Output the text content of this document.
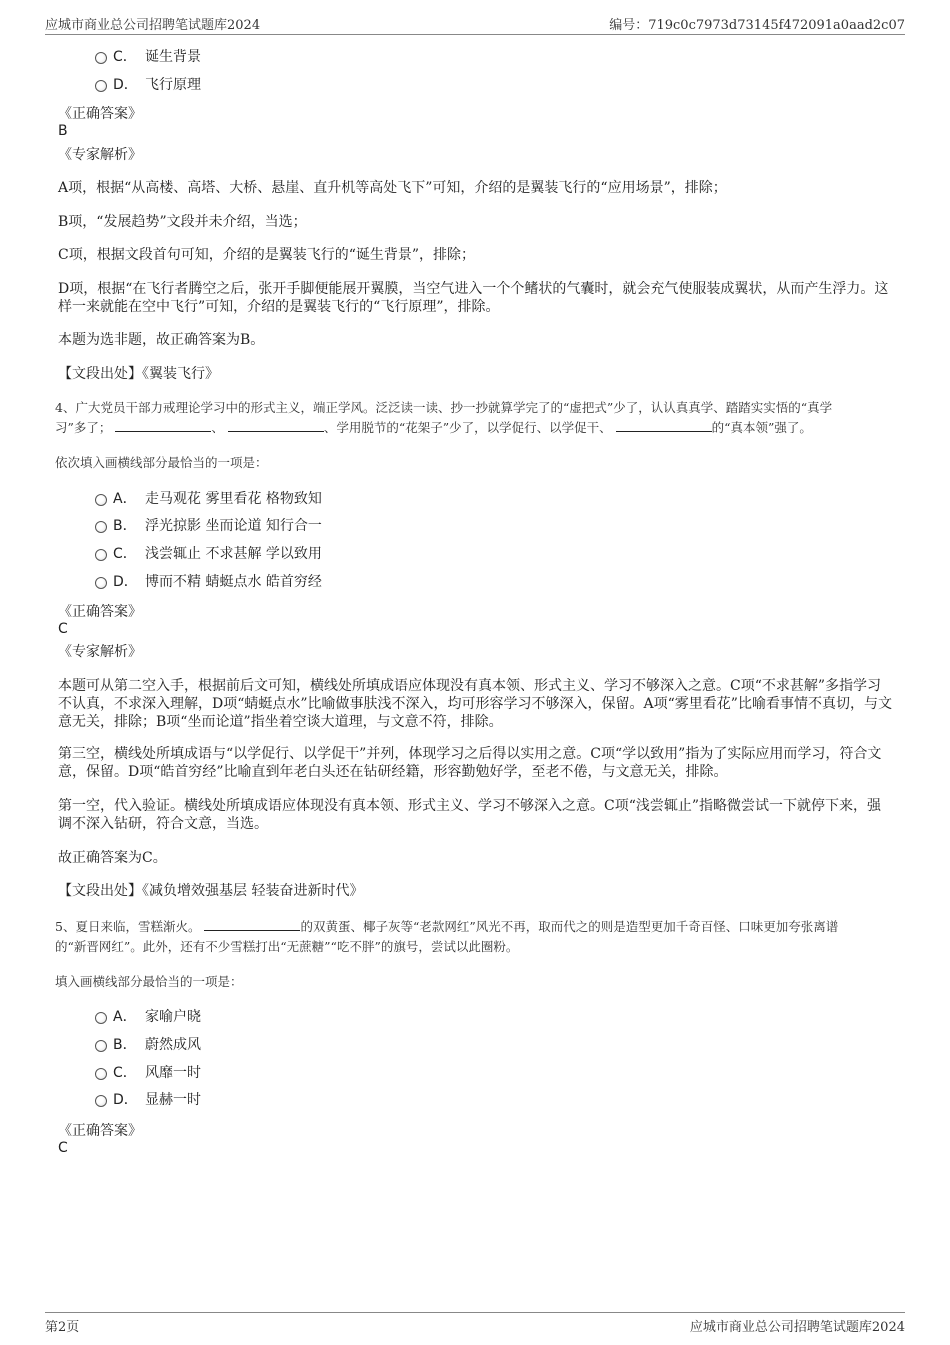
应城市商业总公司招聘笔试题库2024	编号：719c0c7973d73145f472091a0aad2c07
C． 诞生背景
D． 飞行原理
《正确答案》
B
《专家解析》
A项，根据“从高楼、高塔、大桥、悬崖、直升机等高处飞下”可知，介绍的是翼装飞行的“应用场景”，排除；
B项，“发展趋势”文段并未介绍，当选；
C项，根据文段首句可知，介绍的是翼装飞行的“诞生背景”，排除；
D项，根据“在飞行者腾空之后，张开手脚便能展开翼膜，当空气进入一个个鳍状的气囊时，就会充气使服装成翼状，从而产生浮力。这样一来就能在空中飞行”可知，介绍的是翼装飞行的“飞行原理”，排除。
本题为选非题，故正确答案为B。
【文段出处】《翼装飞行》
4、广大党员干部力戒理论学习中的形式主义，端正学风。泛泛读一读、抄一抄就算学完了的“虚把式”少了，认认真真学、踏踏实实悟的“真学
习”多了；	、	、学用脱节的“花架子”少了，以学促行、以学促干、	的“真本领”强了。
依次填入画横线部分最恰当的一项是：
A． 走马观花 雾里看花 格物致知
B． 浮光掠影 坐而论道 知行合一
C． 浅尝辄止 不求甚解 学以致用
D． 博而不精 蜻蜓点水 皓首穷经
《正确答案》
C
《专家解析》
本题可从第二空入手，根据前后文可知，横线处所填成语应体现没有真本领、形式主义、学习不够深入之意。C项“不求甚解”多指学习不认真，不求深入理解，D项“蜻蜓点水”比喻做事肤浅不深入，均可形容学习不够深入，保留。A项“雾里看花”比喻看事情不真切，与文意无关，排除；B项“坐而论道”指坐着空谈大道理，与文意不符，排除。
第三空，横线处所填成语与“以学促行、以学促干”并列，体现学习之后得以实用之意。C项“学以致用”指为了实际应用而学习，符合文意，保留。D项“皓首穷经”比喻直到年老白头还在钻研经籍，形容勤勉好学，至老不倦，与文意无关，排除。
第一空，代入验证。横线处所填成语应体现没有真本领、形式主义、学习不够深入之意。C项“浅尝辄止”指略微尝试一下就停下来，强调不深入钻研，符合文意，当选。
故正确答案为C。
【文段出处】《减负增效强基层 轻装奋进新时代》
5、夏日来临，雪糕渐火。	的双黄蛋、椰子灰等“老款网红”风光不再，取而代之的则是造型更加千奇百怪、口味更加夸张离谱
的“新晋网红”。此外，还有不少雪糕打出“无蔗糖”“吃不胖”的旗号，尝试以此圈粉。
填入画横线部分最恰当的一项是：
A． 家喻户晓
B． 蔚然成风
C． 风靡一时
D． 显赫一时
《正确答案》
C
第2页	应城市商业总公司招聘笔试题库2024
